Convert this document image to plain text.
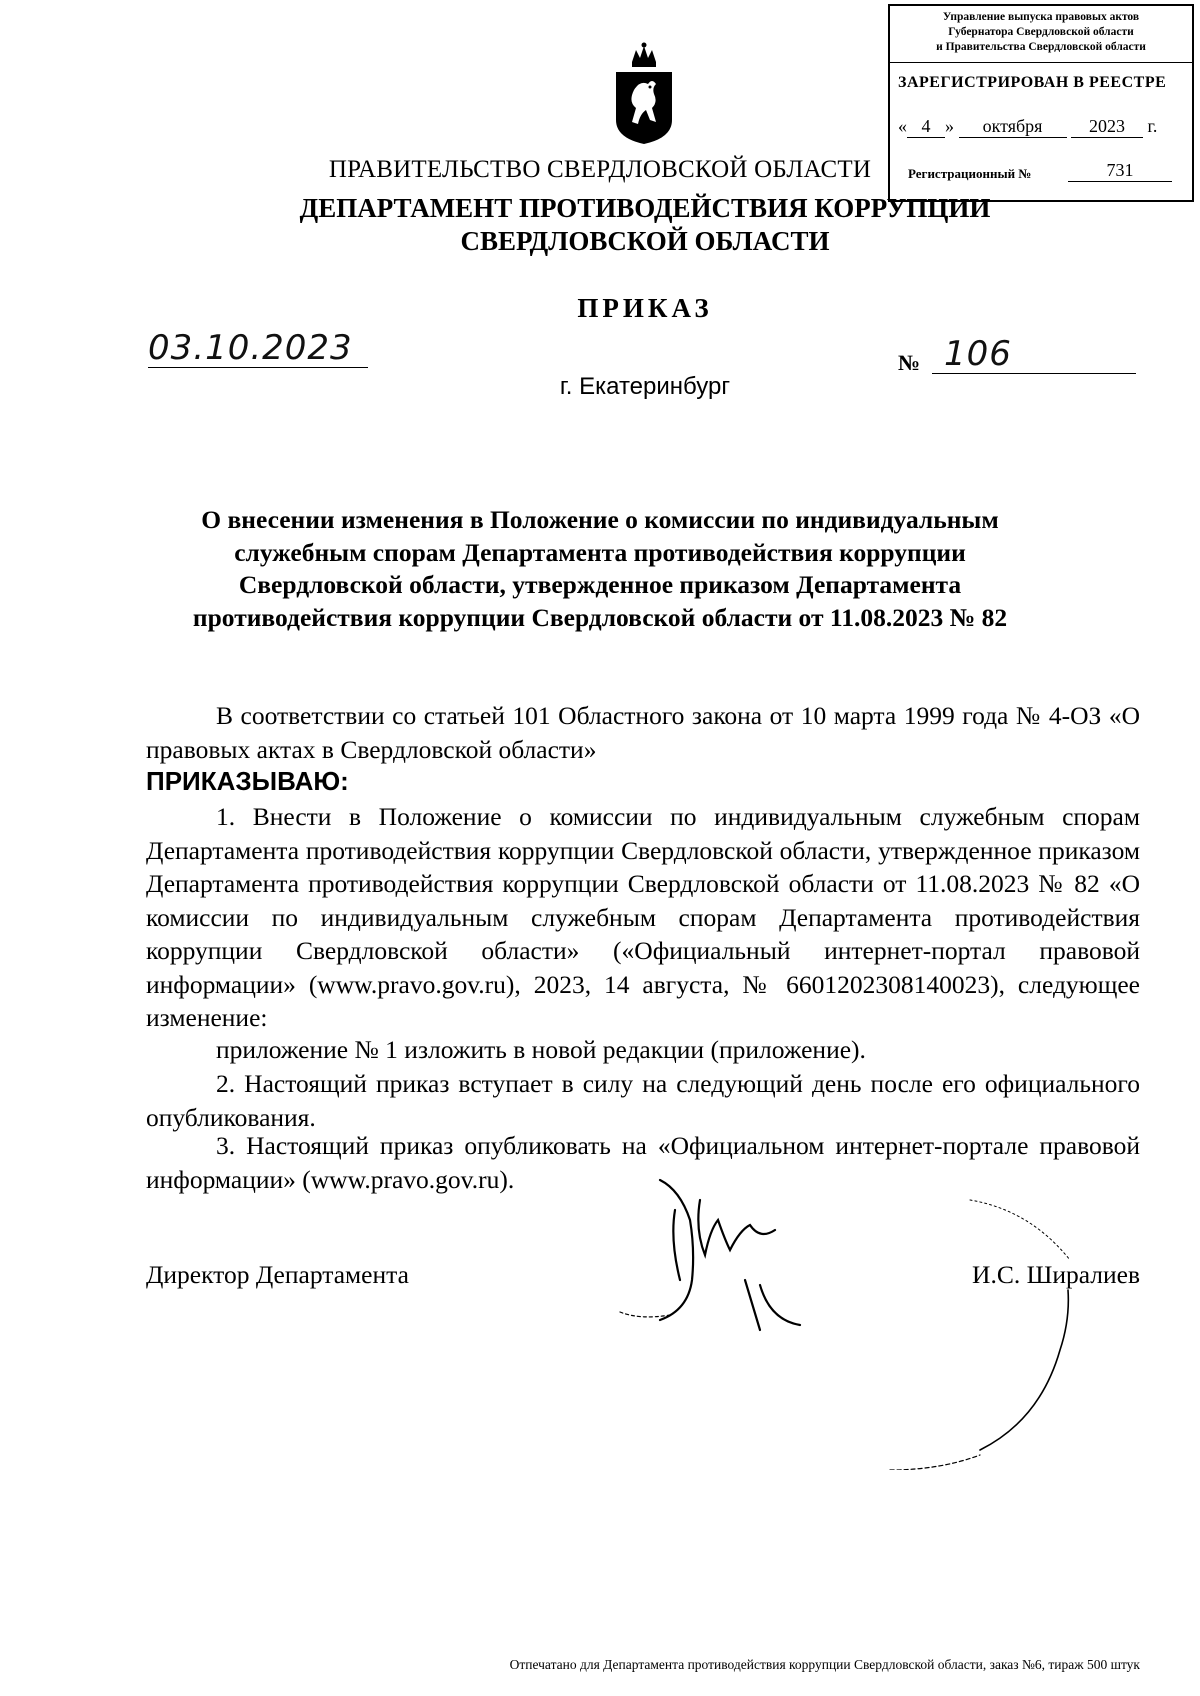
Управление выпуска правовых актов
Губернатора Свердловской области
и Правительства Свердловской области
ЗАРЕГИСТРИРОВАН В РЕЕСТРЕ
« 4 » октября	2023 г.
Регистрационный №	731
ПРАВИТЕЛЬСТВО СВЕРДЛОВСКОЙ ОБЛАСТИ
ДЕПАРТАМЕНТ ПРОТИВОДЕЙСТВИЯ КОРРУПЦИИ
СВЕРДЛОВСКОЙ ОБЛАСТИ
ПРИКАЗ
03.10.2023	№ 106
г. Екатеринбург
О внесении изменения в Положение о комиссии по индивидуальным
служебным спорам Департамента противодействия коррупции
Свердловской области, утвержденное приказом Департамента
противодействия коррупции Свердловской области от 11.08.2023 № 82
В соответствии со статьей 101 Областного закона от 10 марта 1999 года № 4-ОЗ «О правовых актах в Свердловской области»
ПРИКАЗЫВАЮ:
1. Внести в Положение о комиссии по индивидуальным служебным спорам Департамента противодействия коррупции Свердловской области, утвержденное приказом Департамента противодействия коррупции Свердловской области от 11.08.2023 № 82 «О комиссии по индивидуальным служебным спорам Департамента противодействия коррупции Свердловской области» («Официальный интернет-портал правовой информации» (www.pravo.gov.ru), 2023, 14 августа, № 6601202308140023), следующее изменение:
приложение № 1 изложить в новой редакции (приложение).
2. Настоящий приказ вступает в силу на следующий день после его официального опубликования.
3. Настоящий приказ опубликовать на «Официальном интернет-портале правовой информации» (www.pravo.gov.ru).
Директор Департамента	И.С. Ширалиев
Отпечатано для Департамента противодействия коррупции Свердловской области, заказ №6, тираж 500 штук
